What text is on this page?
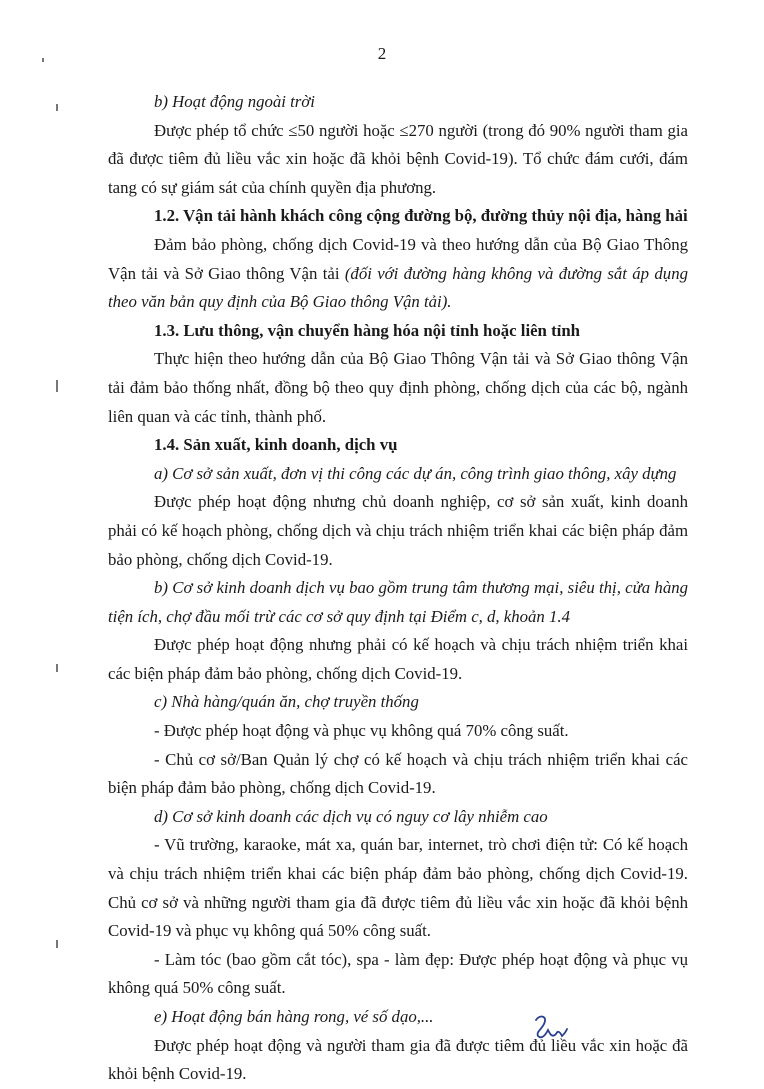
2

b) Hoạt động ngoài trời

Được phép tổ chức ≤50 người hoặc ≤270 người (trong đó 90% người tham gia đã được tiêm đủ liều vắc xin hoặc đã khỏi bệnh Covid-19). Tổ chức đám cưới, đám tang có sự giám sát của chính quyền địa phương.

1.2. Vận tải hành khách công cộng đường bộ, đường thủy nội địa, hàng hải

Đảm bảo phòng, chống dịch Covid-19 và theo hướng dẫn của Bộ Giao Thông Vận tải và Sở Giao thông Vận tải (đối với đường hàng không và đường sắt áp dụng theo văn bản quy định của Bộ Giao thông Vận tải).

1.3. Lưu thông, vận chuyển hàng hóa nội tỉnh hoặc liên tỉnh

Thực hiện theo hướng dẫn của Bộ Giao Thông Vận tải và Sở Giao thông Vận tải đảm bảo thống nhất, đồng bộ theo quy định phòng, chống dịch của các bộ, ngành liên quan và các tỉnh, thành phố.

1.4. Sản xuất, kinh doanh, dịch vụ

a) Cơ sở sản xuất, đơn vị thi công các dự án, công trình giao thông, xây dựng

Được phép hoạt động nhưng chủ doanh nghiệp, cơ sở sản xuất, kinh doanh phải có kế hoạch phòng, chống dịch và chịu trách nhiệm triển khai các biện pháp đảm bảo phòng, chống dịch Covid-19.

b) Cơ sở kinh doanh dịch vụ bao gồm trung tâm thương mại, siêu thị, cửa hàng tiện ích, chợ đầu mối trừ các cơ sở quy định tại Điểm c, d, khoản 1.4

Được phép hoạt động nhưng phải có kế hoạch và chịu trách nhiệm triển khai các biện pháp đảm bảo phòng, chống dịch Covid-19.

c) Nhà hàng/quán ăn, chợ truyền thống

- Được phép hoạt động và phục vụ không quá 70% công suất.

- Chủ cơ sở/Ban Quản lý chợ có kế hoạch và chịu trách nhiệm triển khai các biện pháp đảm bảo phòng, chống dịch Covid-19.

d) Cơ sở kinh doanh các dịch vụ có nguy cơ lây nhiễm cao

- Vũ trường, karaoke, mát xa, quán bar, internet, trò chơi điện tử: Có kế hoạch và chịu trách nhiệm triển khai các biện pháp đảm bảo phòng, chống dịch Covid-19. Chủ cơ sở và những người tham gia đã được tiêm đủ liều vắc xin hoặc đã khỏi bệnh Covid-19 và phục vụ không quá 50% công suất.

- Làm tóc (bao gồm cắt tóc), spa - làm đẹp: Được phép hoạt động và phục vụ không quá 50% công suất.

e) Hoạt động bán hàng rong, vé số dạo,...

Được phép hoạt động và người tham gia đã được tiêm đủ liều vắc xin hoặc đã khỏi bệnh Covid-19.
